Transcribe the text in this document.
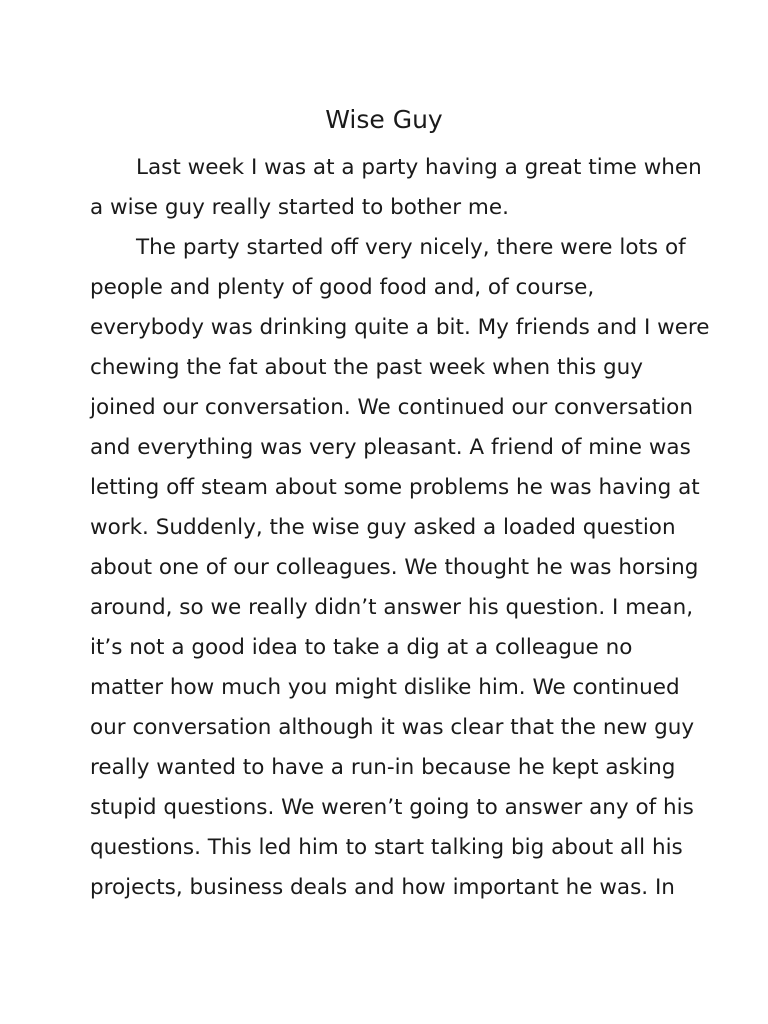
Wise Guy
Last week I was at a party having a great time when
a wise guy really started to bother me.
The party started off very nicely, there were lots of
people and plenty of good food and, of course,
everybody was drinking quite a bit. My friends and I were
chewing the fat about the past week when this guy
joined our conversation. We continued our conversation
and everything was very pleasant. A friend of mine was
letting off steam about some problems he was having at
work. Suddenly, the wise guy asked a loaded question
about one of our colleagues. We thought he was horsing
around, so we really didn’t answer his question. I mean,
it’s not a good idea to take a dig at a colleague no
matter how much you might dislike him. We continued
our conversation although it was clear that the new guy
really wanted to have a run-in because he kept asking
stupid questions. We weren’t going to answer any of his
questions. This led him to start talking big about all his
projects, business deals and how important he was. In
